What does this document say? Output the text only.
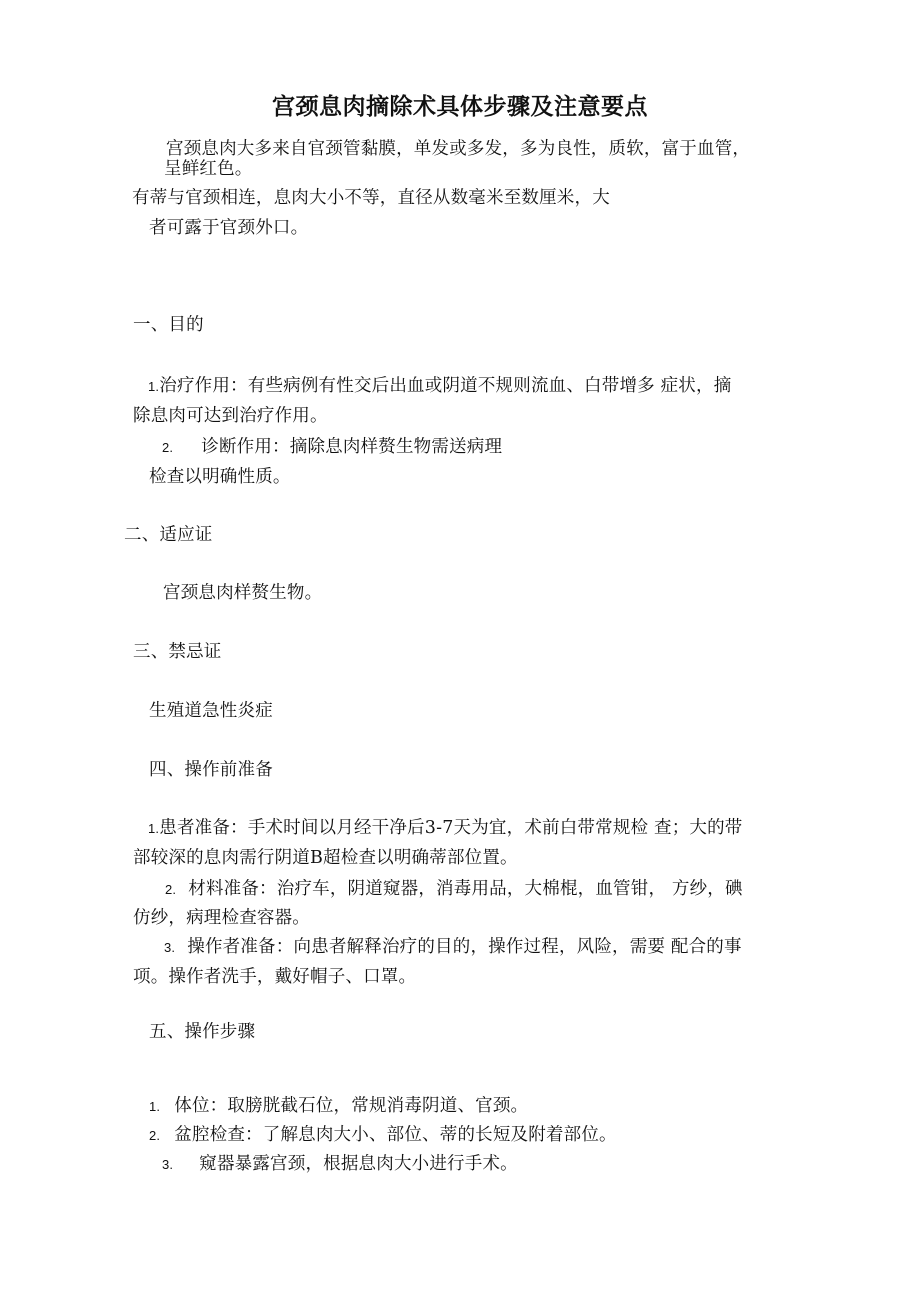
宫颈息肉摘除术具体步骤及注意要点
宫颈息肉大多来自官颈管黏膜，单发或多发，多为良性，质软，富于血管，
呈鲜红色。
有蒂与官颈相连，息肉大小不等，直径从数毫米至数厘米，大
者可露于官颈外口。
一、目的
1.治疗作用：有些病例有性交后出血或阴道不规则流血、白带增多 症状，摘
除息肉可达到治疗作用。
2. 诊断作用：摘除息肉样赘生物需送病理
检查以明确性质。
二、适应证
宫颈息肉样赘生物。
三、禁忌证
生殖道急性炎症
四、操作前准备
1.患者准备：手术时间以月经干净后3-7天为宜，术前白带常规检 查；大的带
部较深的息肉需行阴道B超检查以明确蒂部位置。
2. 材料准备：治疗车，阴道窥器，消毒用品，大棉棍，血管钳， 方纱，碘
仿纱，病理检查容器。
3. 操作者准备：向患者解释治疗的目的，操作过程，风险，需要 配合的事
项。操作者洗手，戴好帽子、口罩。
五、操作步骤
1. 体位：取膀胱截石位，常规消毒阴道、官颈。
2. 盆腔检查：了解息肉大小、部位、蒂的长短及附着部位。
3. 窥器暴露宫颈，根据息肉大小进行手术。
